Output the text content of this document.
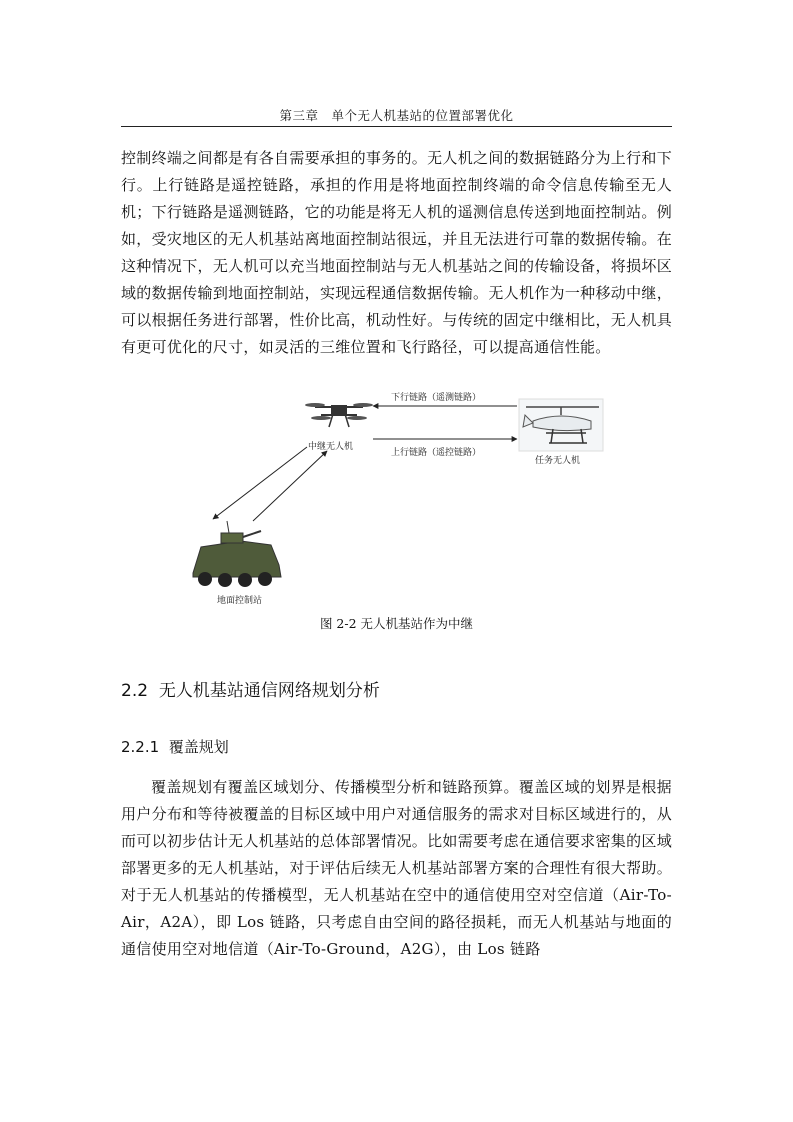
第三章　单个无人机基站的位置部署优化

控制终端之间都是有各自需要承担的事务的。无人机之间的数据链路分为上行和下行。上行链路是遥控链路，承担的作用是将地面控制终端的命令信息传输至无人机；下行链路是遥测链路，它的功能是将无人机的遥测信息传送到地面控制站。例如，受灾地区的无人机基站离地面控制站很远，并且无法进行可靠的数据传输。在这种情况下，无人机可以充当地面控制站与无人机基站之间的传输设备，将损坏区域的数据传输到地面控制站，实现远程通信数据传输。无人机作为一种移动中继，可以根据任务进行部署，性价比高，机动性好。与传统的固定中继相比，无人机具有更可优化的尺寸，如灵活的三维位置和飞行路径，可以提高通信性能。

中继无人机
任务无人机
地面控制站
下行链路（遥测链路）
上行链路（遥控链路）
图 2-2 无人机基站作为中继
2.2 无人机基站通信网络规划分析
2.2.1 覆盖规划

覆盖规划有覆盖区域划分、传播模型分析和链路预算。覆盖区域的划界是根据用户分布和等待被覆盖的目标区域中用户对通信服务的需求对目标区域进行的，从而可以初步估计无人机基站的总体部署情况。比如需要考虑在通信要求密集的区域部署更多的无人机基站，对于评估后续无人机基站部署方案的合理性有很大帮助。对于无人机基站的传播模型，无人机基站在空中的通信使用空对空信道（Air-To-Air，A2A），即 Los 链路，只考虑自由空间的路径损耗，而无人机基站与地面的通信使用空对地信道（Air-To-Ground，A2G），由 Los 链路
